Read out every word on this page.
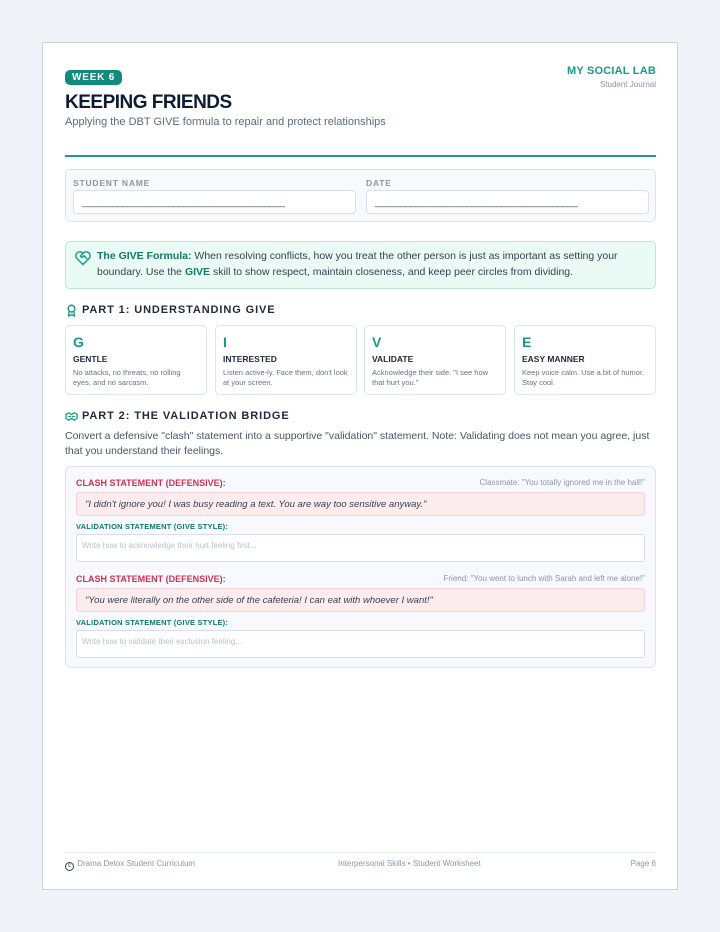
WEEK 6
KEEPING FRIENDS
Applying the DBT GIVE formula to repair and protect relationships
MY SOCIAL LAB
Student Journal
STUDENT NAME
________________________________________
DATE
________________________________________
The GIVE Formula: When resolving conflicts, how you treat the other person is just as important as setting your boundary. Use the GIVE skill to show respect, maintain closeness, and keep peer circles from dividing.
PART 1: UNDERSTANDING GIVE
G
GENTLE
No attacks, no threats, no rolling eyes, and no sarcasm.
I
INTERESTED
Listen active-ly. Face them, don't look at your screen.
V
VALIDATE
Acknowledge their side. "I see how that hurt you."
E
EASY MANNER
Keep voice calm. Use a bit of humor. Stay cool.
PART 2: THE VALIDATION BRIDGE
Convert a defensive "clash" statement into a supportive "validation" statement. Note: Validating does not mean you agree, just that you understand their feelings.
CLASH STATEMENT (DEFENSIVE):	Classmate: "You totally ignored me in the hall!"
"I didn't ignore you! I was busy reading a text. You are way too sensitive anyway."
VALIDATION STATEMENT (GIVE STYLE):
Write how to acknowledge their hurt feeling first...
CLASH STATEMENT (DEFENSIVE):	Friend: "You went to lunch with Sarah and left me alone!"
"You were literally on the other side of the cafeteria! I can eat with whoever I want!"
VALIDATION STATEMENT (GIVE STYLE):
Write how to validate their exclusion feeling...
c Drama Detox Student Curriculum	Interpersonal Skills • Student Worksheet	Page 6
